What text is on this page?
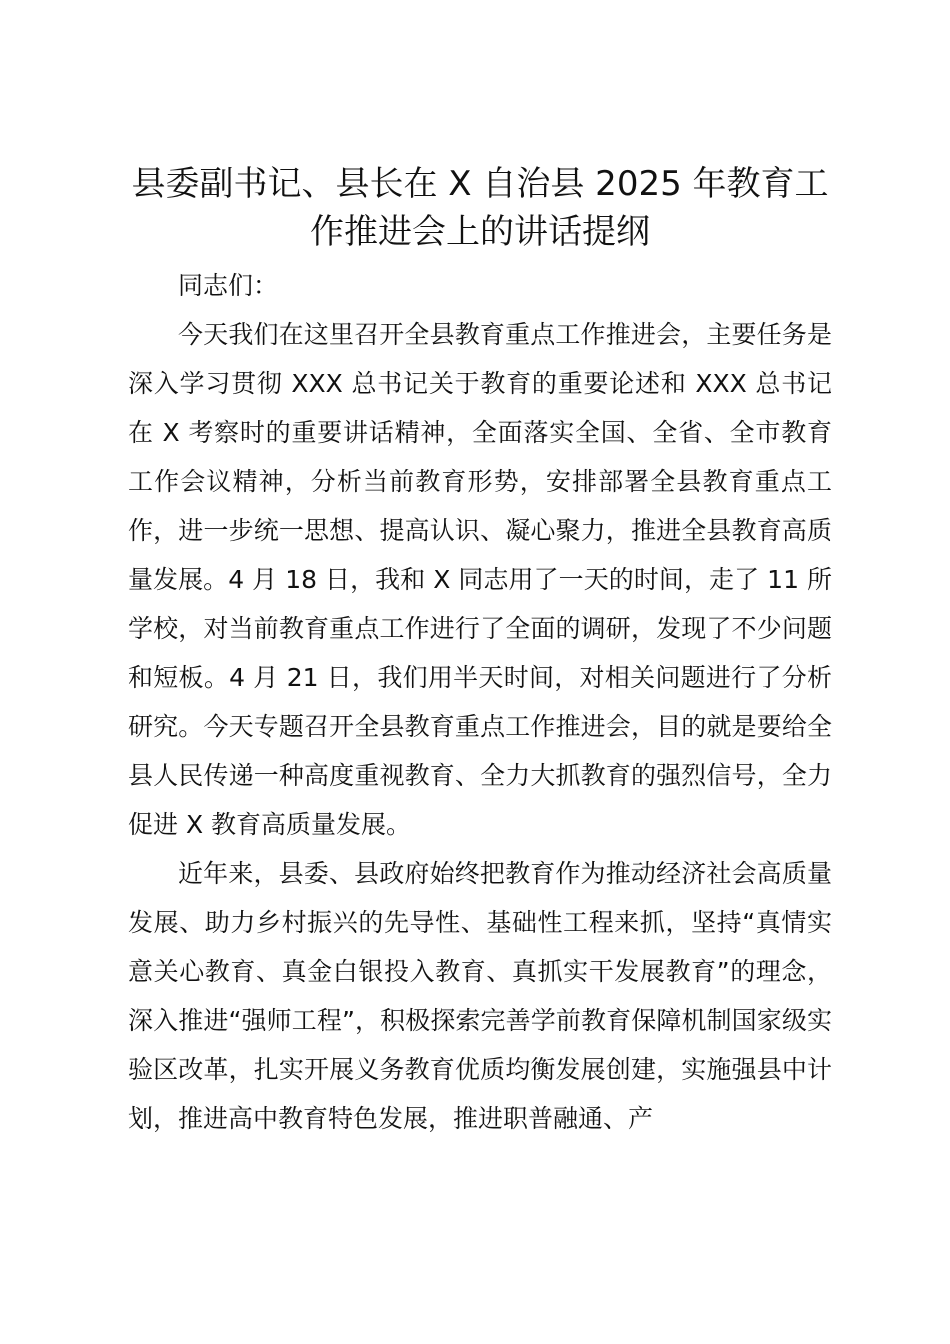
县委副书记、县长在 X 自治县 2025 年教育工
作推进会上的讲话提纲

同志们：

今天我们在这里召开全县教育重点工作推进会，主要任务是深入学习贯彻 XXX 总书记关于教育的重要论述和 XXX 总书记在 X 考察时的重要讲话精神，全面落实全国、全省、全市教育工作会议精神，分析当前教育形势，安排部署全县教育重点工作，进一步统一思想、提高认识、凝心聚力，推进全县教育高质量发展。4 月 18 日，我和 X 同志用了一天的时间，走了 11 所学校，对当前教育重点工作进行了全面的调研，发现了不少问题和短板。4 月 21 日，我们用半天时间，对相关问题进行了分析研究。今天专题召开全县教育重点工作推进会，目的就是要给全县人民传递一种高度重视教育、全力大抓教育的强烈信号，全力促进 X 教育高质量发展。

近年来，县委、县政府始终把教育作为推动经济社会高质量发展、助力乡村振兴的先导性、基础性工程来抓，坚持“真情实意关心教育、真金白银投入教育、真抓实干发展教育”的理念，深入推进“强师工程”，积极探索完善学前教育保障机制国家级实验区改革，扎实开展义务教育优质均衡发展创建，实施强县中计划，推进高中教育特色发展，推进职普融通、产
